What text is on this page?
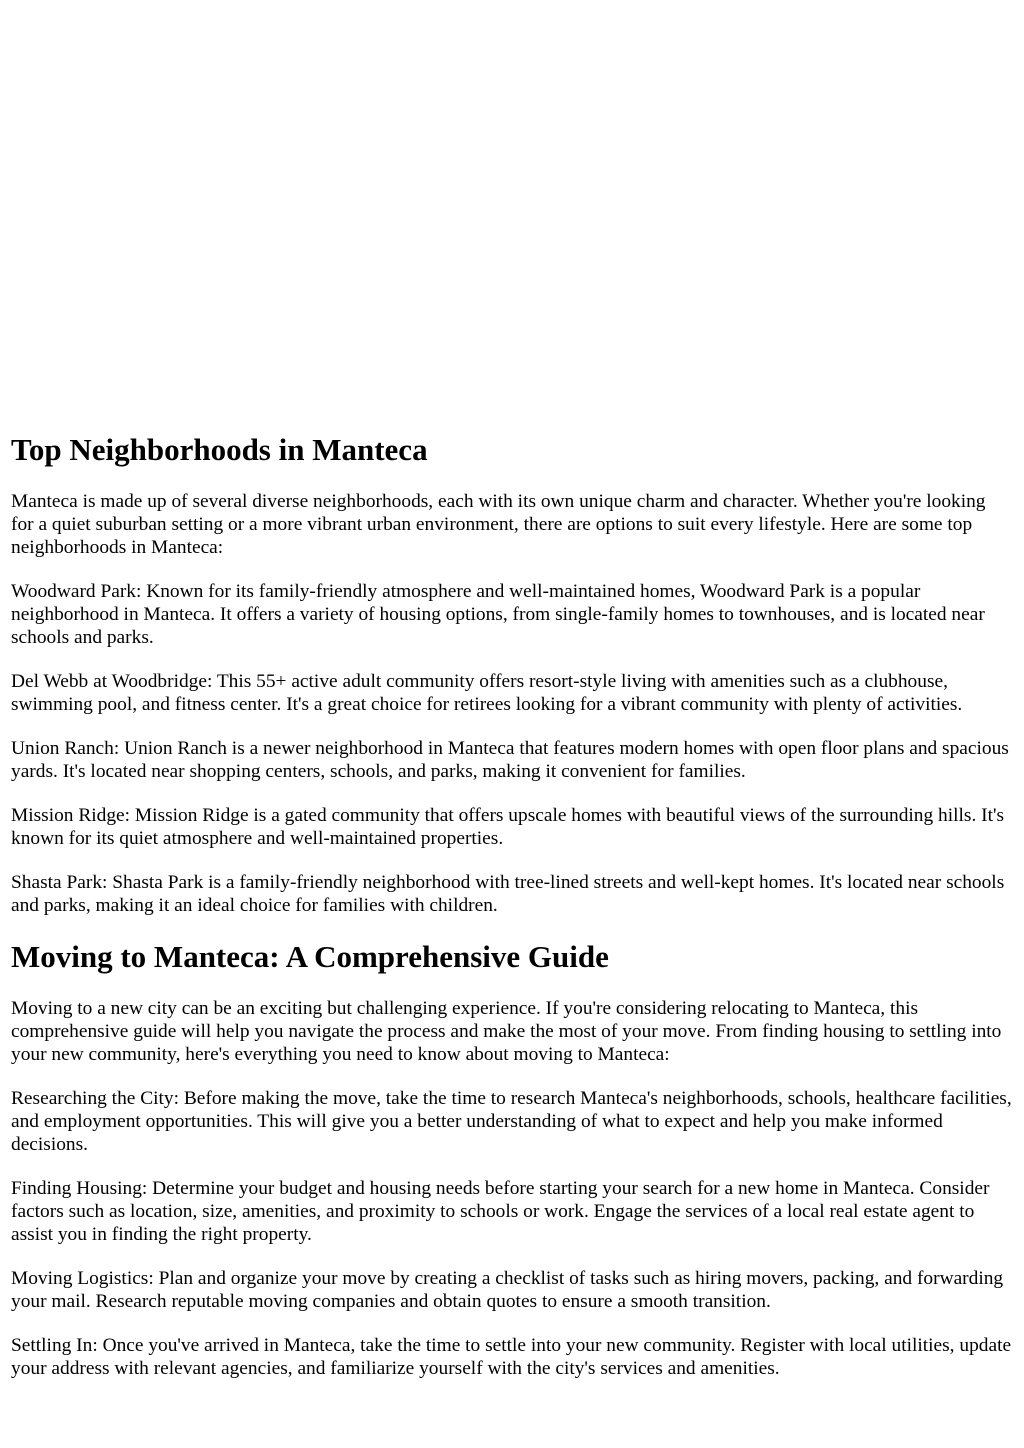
Top Neighborhoods in Manteca

Manteca is made up of several diverse neighborhoods, each with its own unique charm and character. Whether you're looking for a quiet suburban setting or a more vibrant urban environment, there are options to suit every lifestyle. Here are some top neighborhoods in Manteca:

Woodward Park: Known for its family-friendly atmosphere and well-maintained homes, Woodward Park is a popular neighborhood in Manteca. It offers a variety of housing options, from single-family homes to townhouses, and is located near schools and parks.

Del Webb at Woodbridge: This 55+ active adult community offers resort-style living with amenities such as a clubhouse, swimming pool, and fitness center. It's a great choice for retirees looking for a vibrant community with plenty of activities.

Union Ranch: Union Ranch is a newer neighborhood in Manteca that features modern homes with open floor plans and spacious yards. It's located near shopping centers, schools, and parks, making it convenient for families.

Mission Ridge: Mission Ridge is a gated community that offers upscale homes with beautiful views of the surrounding hills. It's known for its quiet atmosphere and well-maintained properties.

Shasta Park: Shasta Park is a family-friendly neighborhood with tree-lined streets and well-kept homes. It's located near schools and parks, making it an ideal choice for families with children.

Moving to Manteca: A Comprehensive Guide

Moving to a new city can be an exciting but challenging experience. If you're considering relocating to Manteca, this comprehensive guide will help you navigate the process and make the most of your move. From finding housing to settling into your new community, here's everything you need to know about moving to Manteca:

Researching the City: Before making the move, take the time to research Manteca's neighborhoods, schools, healthcare facilities, and employment opportunities. This will give you a better understanding of what to expect and help you make informed decisions.

Finding Housing: Determine your budget and housing needs before starting your search for a new home in Manteca. Consider factors such as location, size, amenities, and proximity to schools or work. Engage the services of a local real estate agent to assist you in finding the right property.

Moving Logistics: Plan and organize your move by creating a checklist of tasks such as hiring movers, packing, and forwarding your mail. Research reputable moving companies and obtain quotes to ensure a smooth transition.

Settling In: Once you've arrived in Manteca, take the time to settle into your new community. Register with local utilities, update your address with relevant agencies, and familiarize yourself with the city's services and amenities.
